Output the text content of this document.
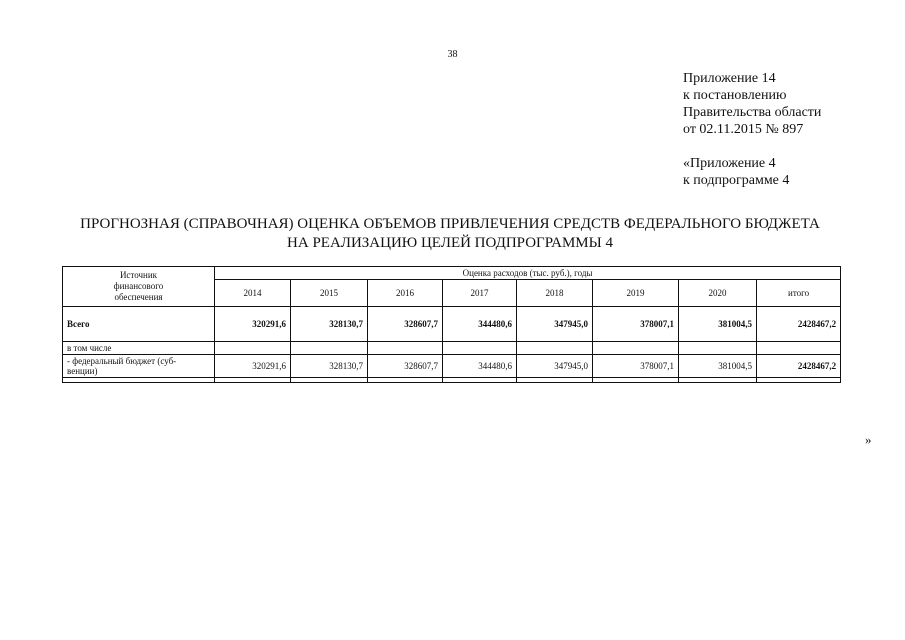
38
Приложение 14
к постановлению
Правительства области
от 02.11.2015 № 897
«Приложение 4
к подпрограмме 4
ПРОГНОЗНАЯ (СПРАВОЧНАЯ) ОЦЕНКА ОБЪЕМОВ ПРИВЛЕЧЕНИЯ СРЕДСТВ ФЕДЕРАЛЬНОГО БЮДЖЕТА
НА РЕАЛИЗАЦИЮ ЦЕЛЕЙ ПОДПРОГРАММЫ 4
Источник
финансового
обеспечения	Оценка расходов (тыс. руб.), годы							
	2014	2015	2016	2017	2018	2019	2020	итого
Всего	320291,6	328130,7	328607,7	344480,6	347945,0	378007,1	381004,5	2428467,2
в том числе								

- федеральный бюджет (суб-
венции)	320291,6	328130,7	328607,7	344480,6	347945,0	378007,1	381004,5	2428467,2

»
